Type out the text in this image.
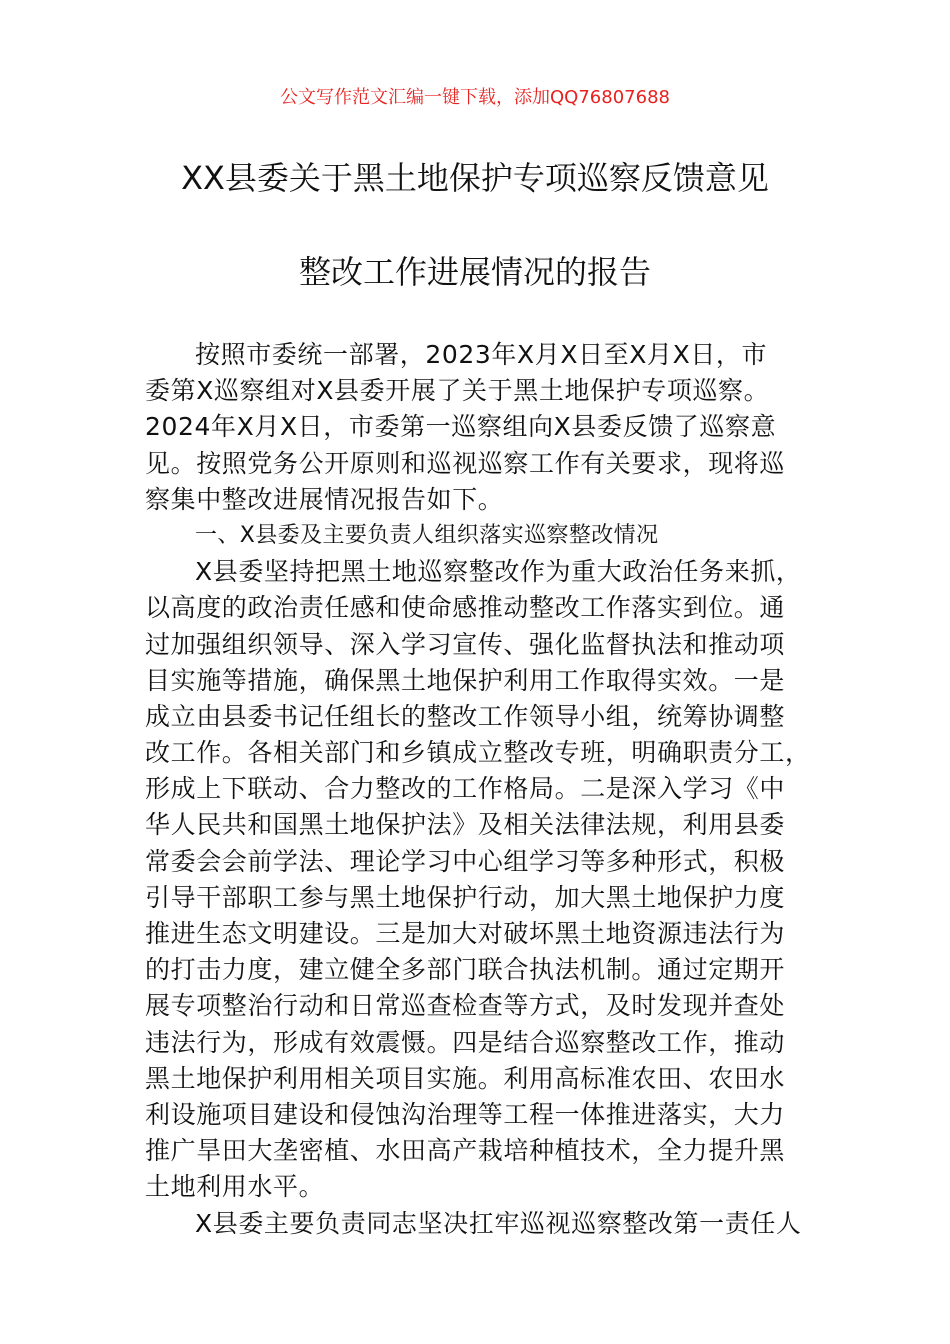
公文写作范文汇编一键下载，添加QQ76807688
XX县委关于黑土地保护专项巡察反馈意见
整改工作进展情况的报告
按照市委统一部署，2023年X月X日至X月X日，市
委第X巡察组对X县委开展了关于黑土地保护专项巡察。
2024年X月X日，市委第一巡察组向X县委反馈了巡察意
见。按照党务公开原则和巡视巡察工作有关要求，现将巡
察集中整改进展情况报告如下。
一、X县委及主要负责人组织落实巡察整改情况
X县委坚持把黑土地巡察整改作为重大政治任务来抓，
以高度的政治责任感和使命感推动整改工作落实到位。通
过加强组织领导、深入学习宣传、强化监督执法和推动项
目实施等措施，确保黑土地保护利用工作取得实效。一是
成立由县委书记任组长的整改工作领导小组，统筹协调整
改工作。各相关部门和乡镇成立整改专班，明确职责分工，
形成上下联动、合力整改的工作格局。二是深入学习《中
华人民共和国黑土地保护法》及相关法律法规，利用县委
常委会会前学法、理论学习中心组学习等多种形式，积极
引导干部职工参与黑土地保护行动，加大黑土地保护力度
推进生态文明建设。三是加大对破坏黑土地资源违法行为
的打击力度，建立健全多部门联合执法机制。通过定期开
展专项整治行动和日常巡查检查等方式，及时发现并查处
违法行为，形成有效震慑。四是结合巡察整改工作，推动
黑土地保护利用相关项目实施。利用高标准农田、农田水
利设施项目建设和侵蚀沟治理等工程一体推进落实，大力
推广旱田大垄密植、水田高产栽培种植技术，全力提升黑
土地利用水平。
X县委主要负责同志坚决扛牢巡视巡察整改第一责任人
